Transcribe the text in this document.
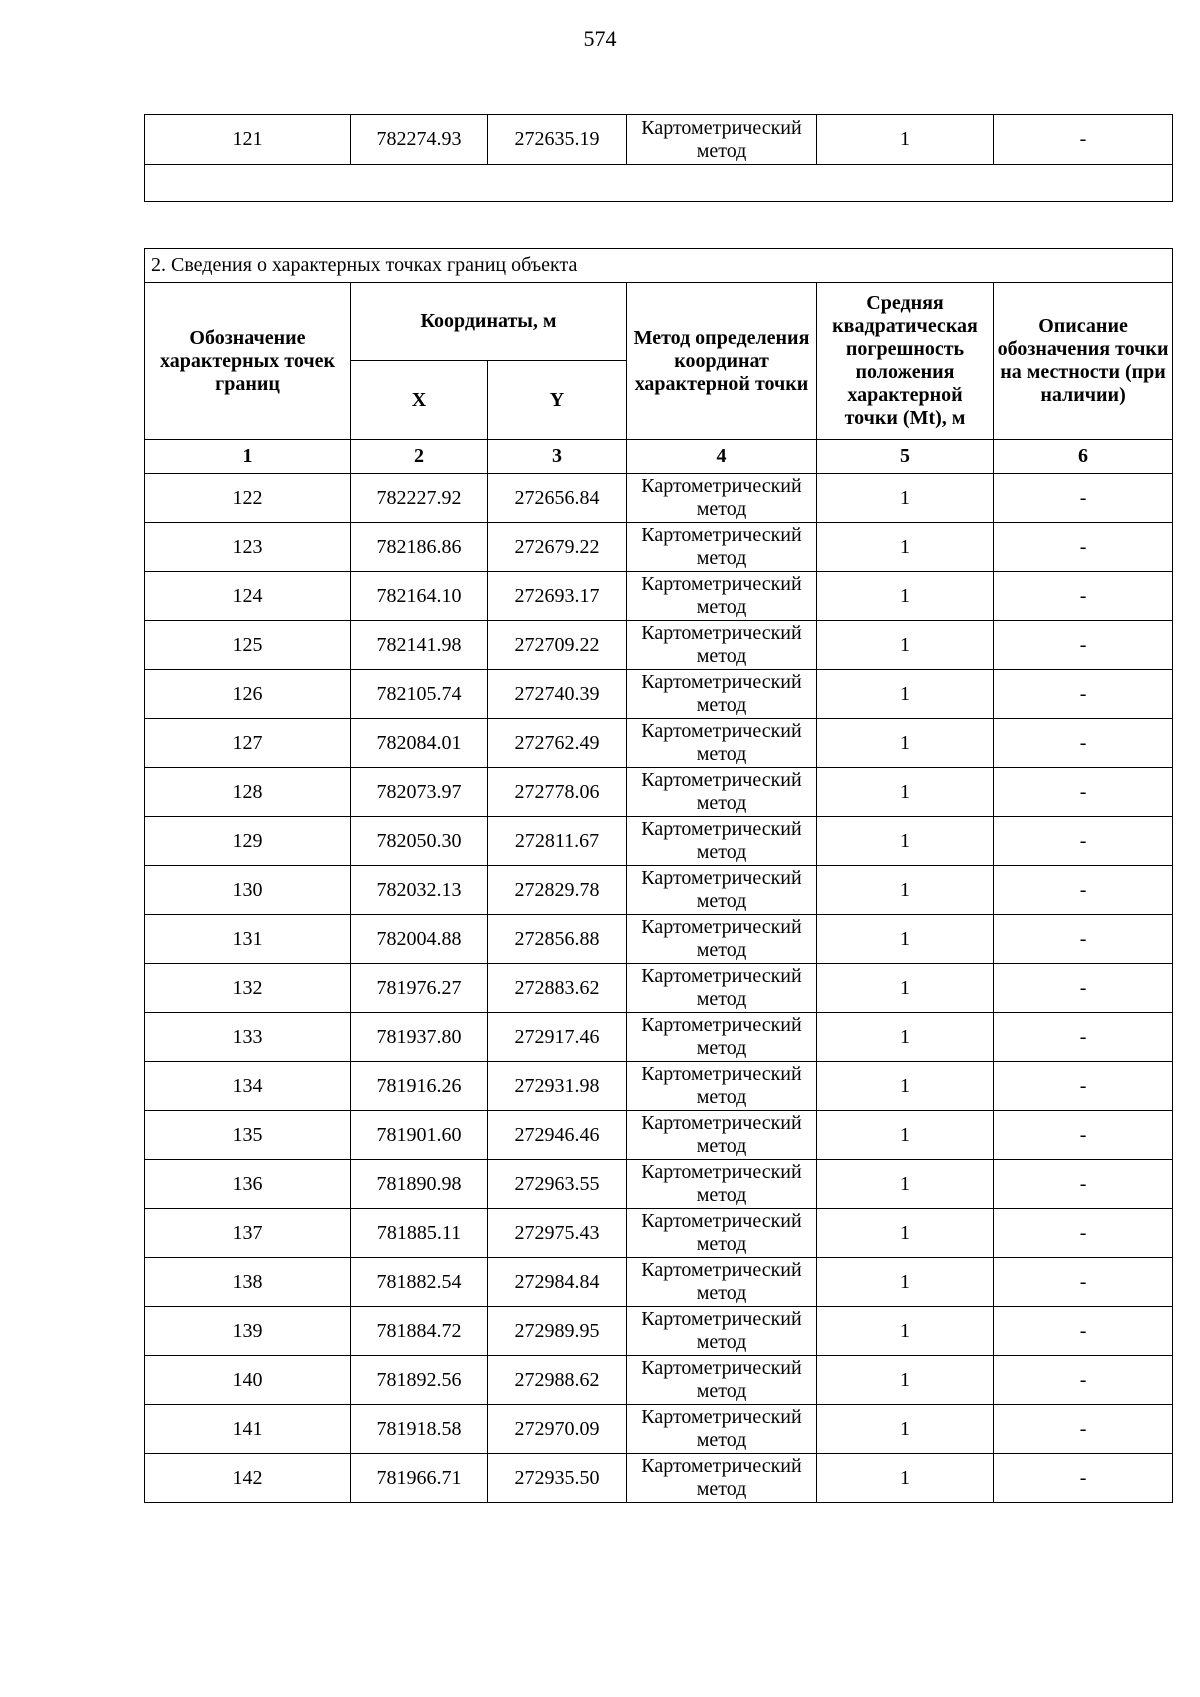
574
121	782274.93	272635.19	Картометрический метод	1	-

2. Сведения о характерных точках границ объекта					
Обозначение характерных точек границ	Координаты, м		Метод определения координат характерной точки	Средняя квадратическая погрешность положения характерной точки (Mt), м	Описание обозначения точки на местности (при наличии)
	X	Y			
1	2	3	4	5	6
122	782227.92	272656.84	Картометрический метод	1	-
123	782186.86	272679.22	Картометрический метод	1	-
124	782164.10	272693.17	Картометрический метод	1	-
125	782141.98	272709.22	Картометрический метод	1	-
126	782105.74	272740.39	Картометрический метод	1	-
127	782084.01	272762.49	Картометрический метод	1	-
128	782073.97	272778.06	Картометрический метод	1	-
129	782050.30	272811.67	Картометрический метод	1	-
130	782032.13	272829.78	Картометрический метод	1	-
131	782004.88	272856.88	Картометрический метод	1	-
132	781976.27	272883.62	Картометрический метод	1	-
133	781937.80	272917.46	Картометрический метод	1	-
134	781916.26	272931.98	Картометрический метод	1	-
135	781901.60	272946.46	Картометрический метод	1	-
136	781890.98	272963.55	Картометрический метод	1	-
137	781885.11	272975.43	Картометрический метод	1	-
138	781882.54	272984.84	Картометрический метод	1	-
139	781884.72	272989.95	Картометрический метод	1	-
140	781892.56	272988.62	Картометрический метод	1	-
141	781918.58	272970.09	Картометрический метод	1	-
142	781966.71	272935.50	Картометрический метод	1	-
